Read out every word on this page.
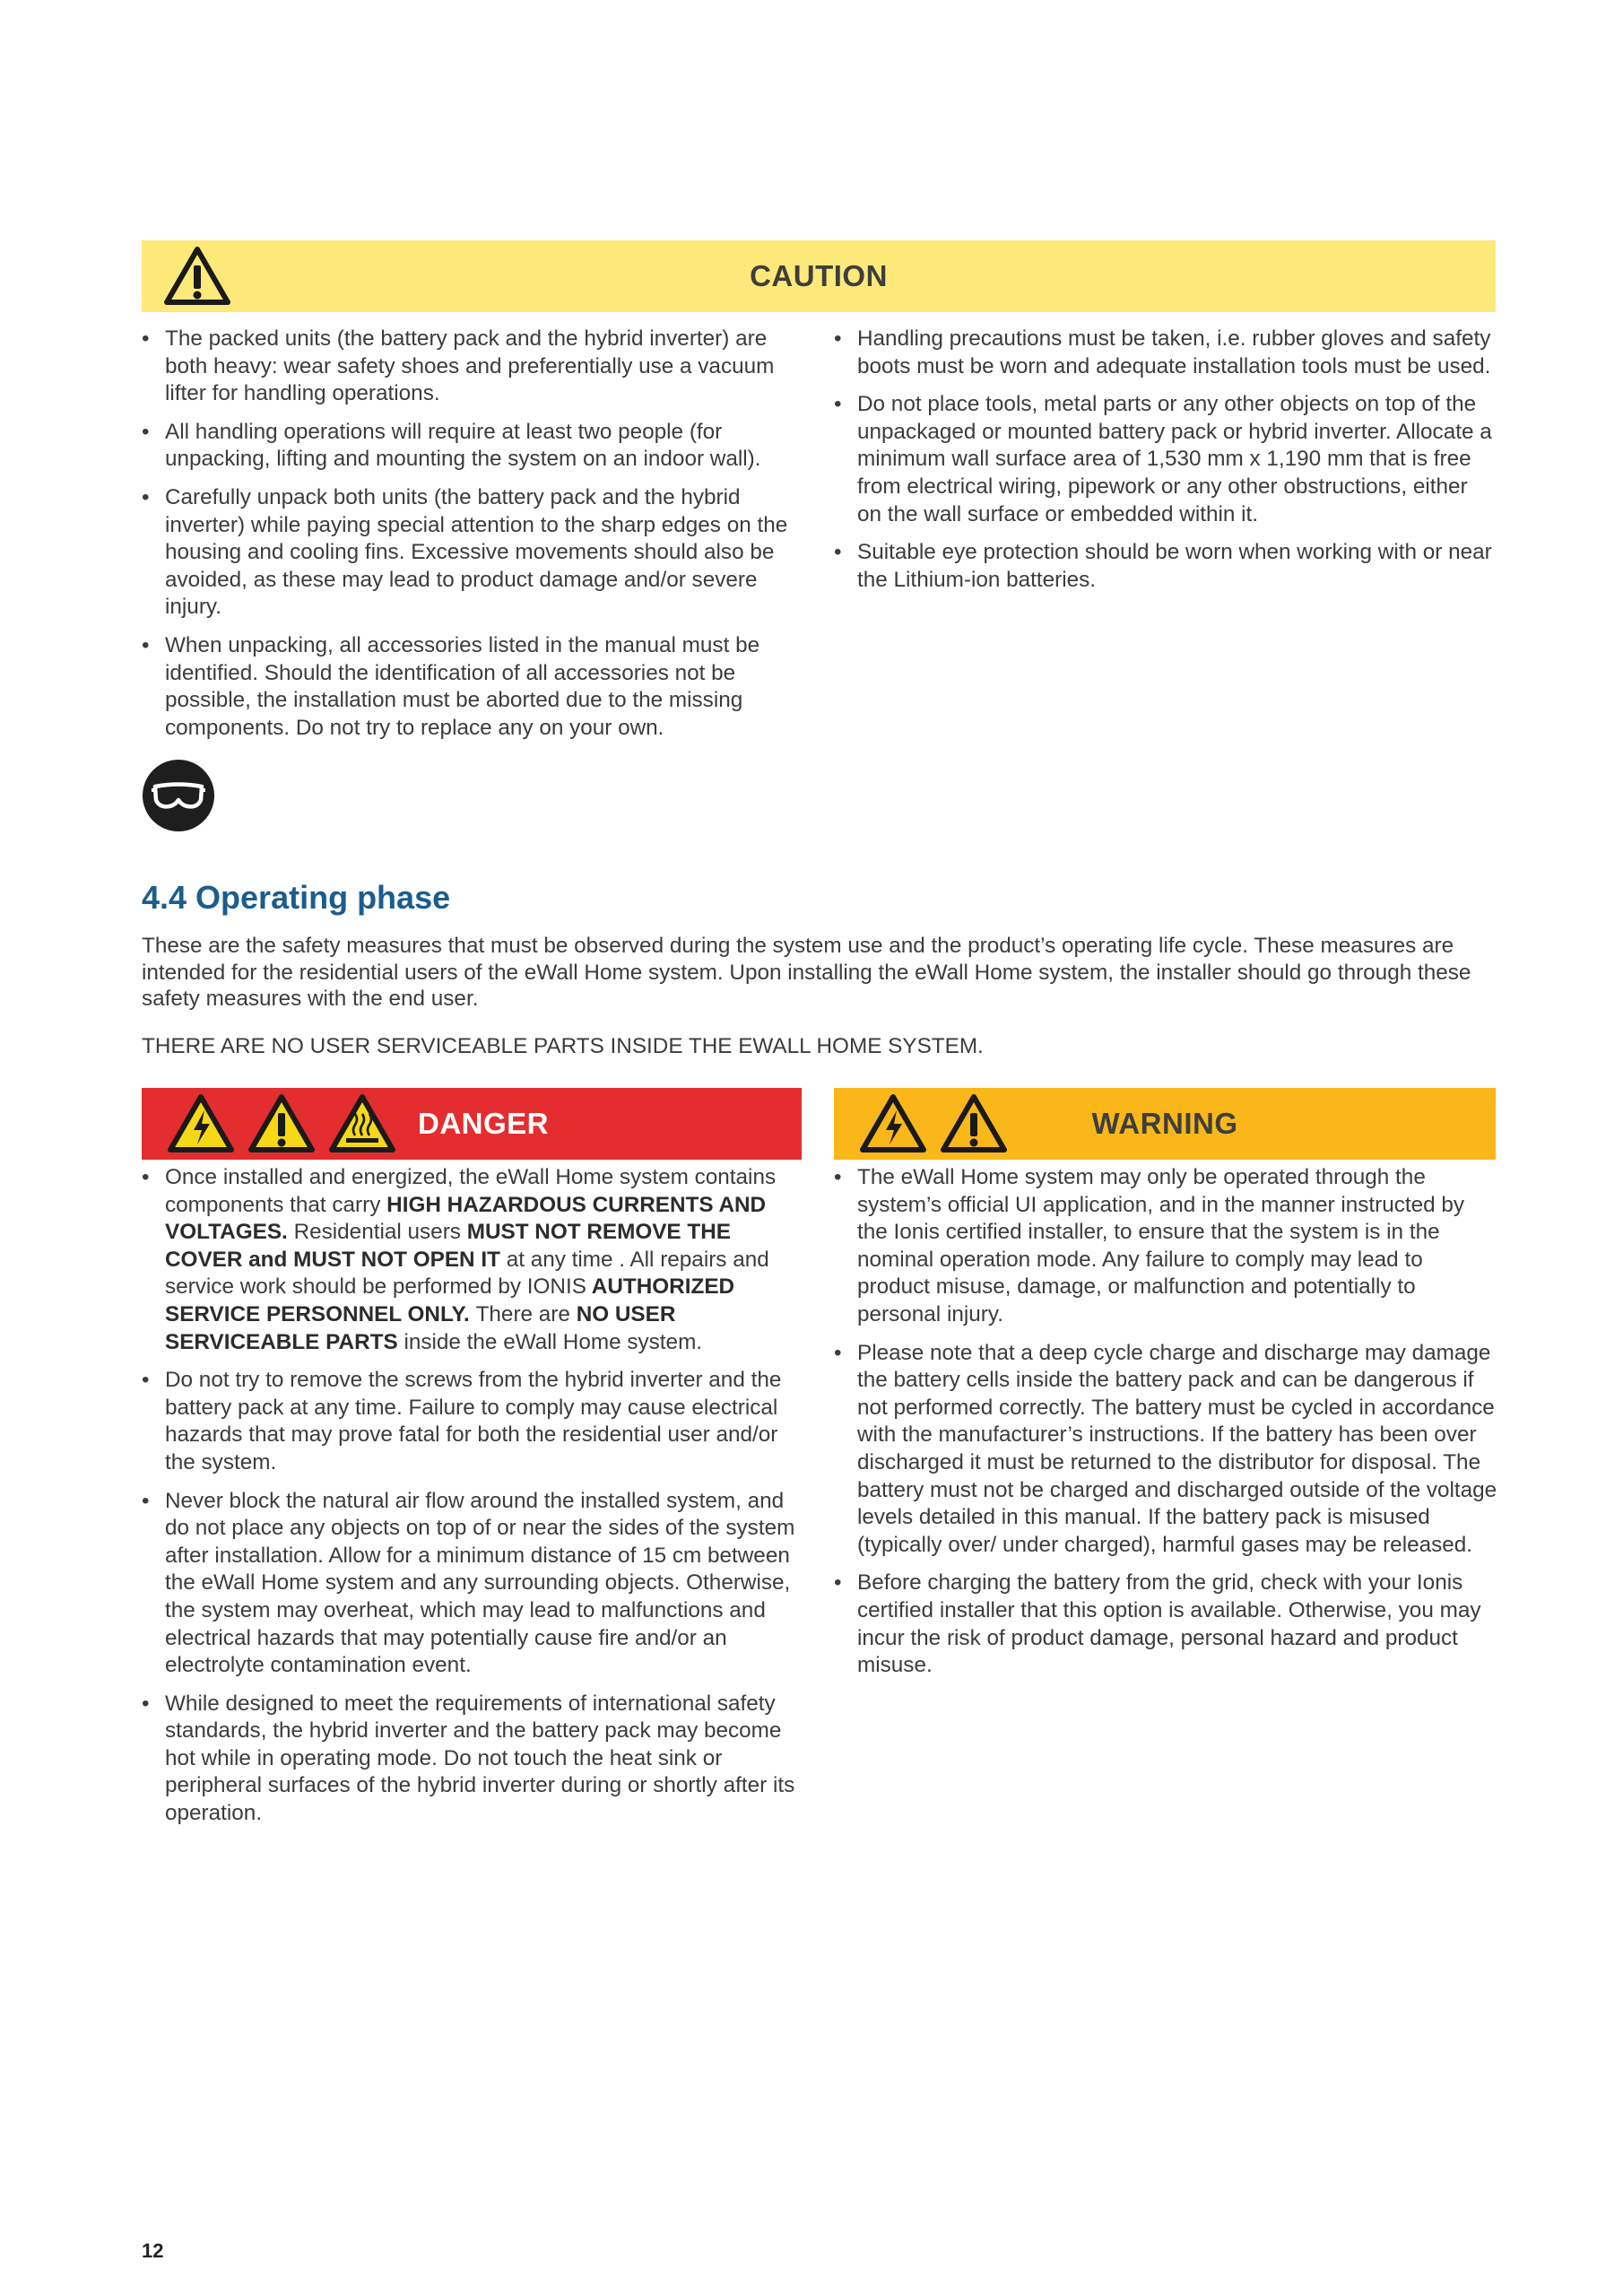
CAUTION
• The packed units (the battery pack and the hybrid inverter) are both heavy: wear safety shoes and preferentially use a vacuum lifter for handling operations.
• All handling operations will require at least two people (for unpacking, lifting and mounting the system on an indoor wall).
• Carefully unpack both units (the battery pack and the hybrid inverter) while paying special attention to the sharp edges on the housing and cooling fins. Excessive movements should also be avoided, as these may lead to product damage and/or severe injury.
• When unpacking, all accessories listed in the manual must be identified. Should the identification of all accessories not be possible, the installation must be aborted due to the missing components. Do not try to replace any on your own.
• Handling precautions must be taken, i.e. rubber gloves and safety boots must be worn and adequate installation tools must be used.
• Do not place tools, metal parts or any other objects on top of the unpackaged or mounted battery pack or hybrid inverter. Allocate a minimum wall surface area of 1,530 mm x 1,190 mm that is free from electrical wiring, pipework or any other obstructions, either on the wall surface or embedded within it.
• Suitable eye protection should be worn when working with or near the Lithium-ion batteries.
4.4 Operating phase

These are the safety measures that must be observed during the system use and the product’s operating life cycle. These measures are intended for the residential users of the eWall Home system. Upon installing the eWall Home system, the installer should go through these safety measures with the end user.

THERE ARE NO USER SERVICEABLE PARTS INSIDE THE EWALL HOME SYSTEM.

DANGER
• Once installed and energized, the eWall Home system contains components that carry HIGH HAZARDOUS CURRENTS AND VOLTAGES. Residential users MUST NOT REMOVE THE COVER and MUST NOT OPEN IT at any time . All repairs and service work should be performed by IONIS AUTHORIZED SERVICE PERSONNEL ONLY. There are NO USER SERVICEABLE PARTS inside the eWall Home system.
• Do not try to remove the screws from the hybrid inverter and the battery pack at any time. Failure to comply may cause electrical hazards that may prove fatal for both the residential user and/or the system.
• Never block the natural air flow around the installed system, and do not place any objects on top of or near the sides of the system after installation. Allow for a minimum distance of 15 cm between the eWall Home system and any surrounding objects. Otherwise, the system may overheat, which may lead to malfunctions and electrical hazards that may potentially cause fire and/or an electrolyte contamination event.
• While designed to meet the requirements of international safety standards, the hybrid inverter and the battery pack may become hot while in operating mode. Do not touch the heat sink or peripheral surfaces of the hybrid inverter during or shortly after its operation.
WARNING
• The eWall Home system may only be operated through the system’s official UI application, and in the manner instructed by the Ionis certified installer, to ensure that the system is in the nominal operation mode. Any failure to comply may lead to product misuse, damage, or malfunction and potentially to personal injury.
• Please note that a deep cycle charge and discharge may damage the battery cells inside the battery pack and can be dangerous if not performed correctly. The battery must be cycled in accordance with the manufacturer’s instructions. If the battery has been over discharged it must be returned to the distributor for disposal. The battery must not be charged and discharged outside of the voltage levels detailed in this manual. If the battery pack is misused (typically over/ under charged), harmful gases may be released.
• Before charging the battery from the grid, check with your Ionis certified installer that this option is available. Otherwise, you may incur the risk of product damage, personal hazard and product misuse.
12
